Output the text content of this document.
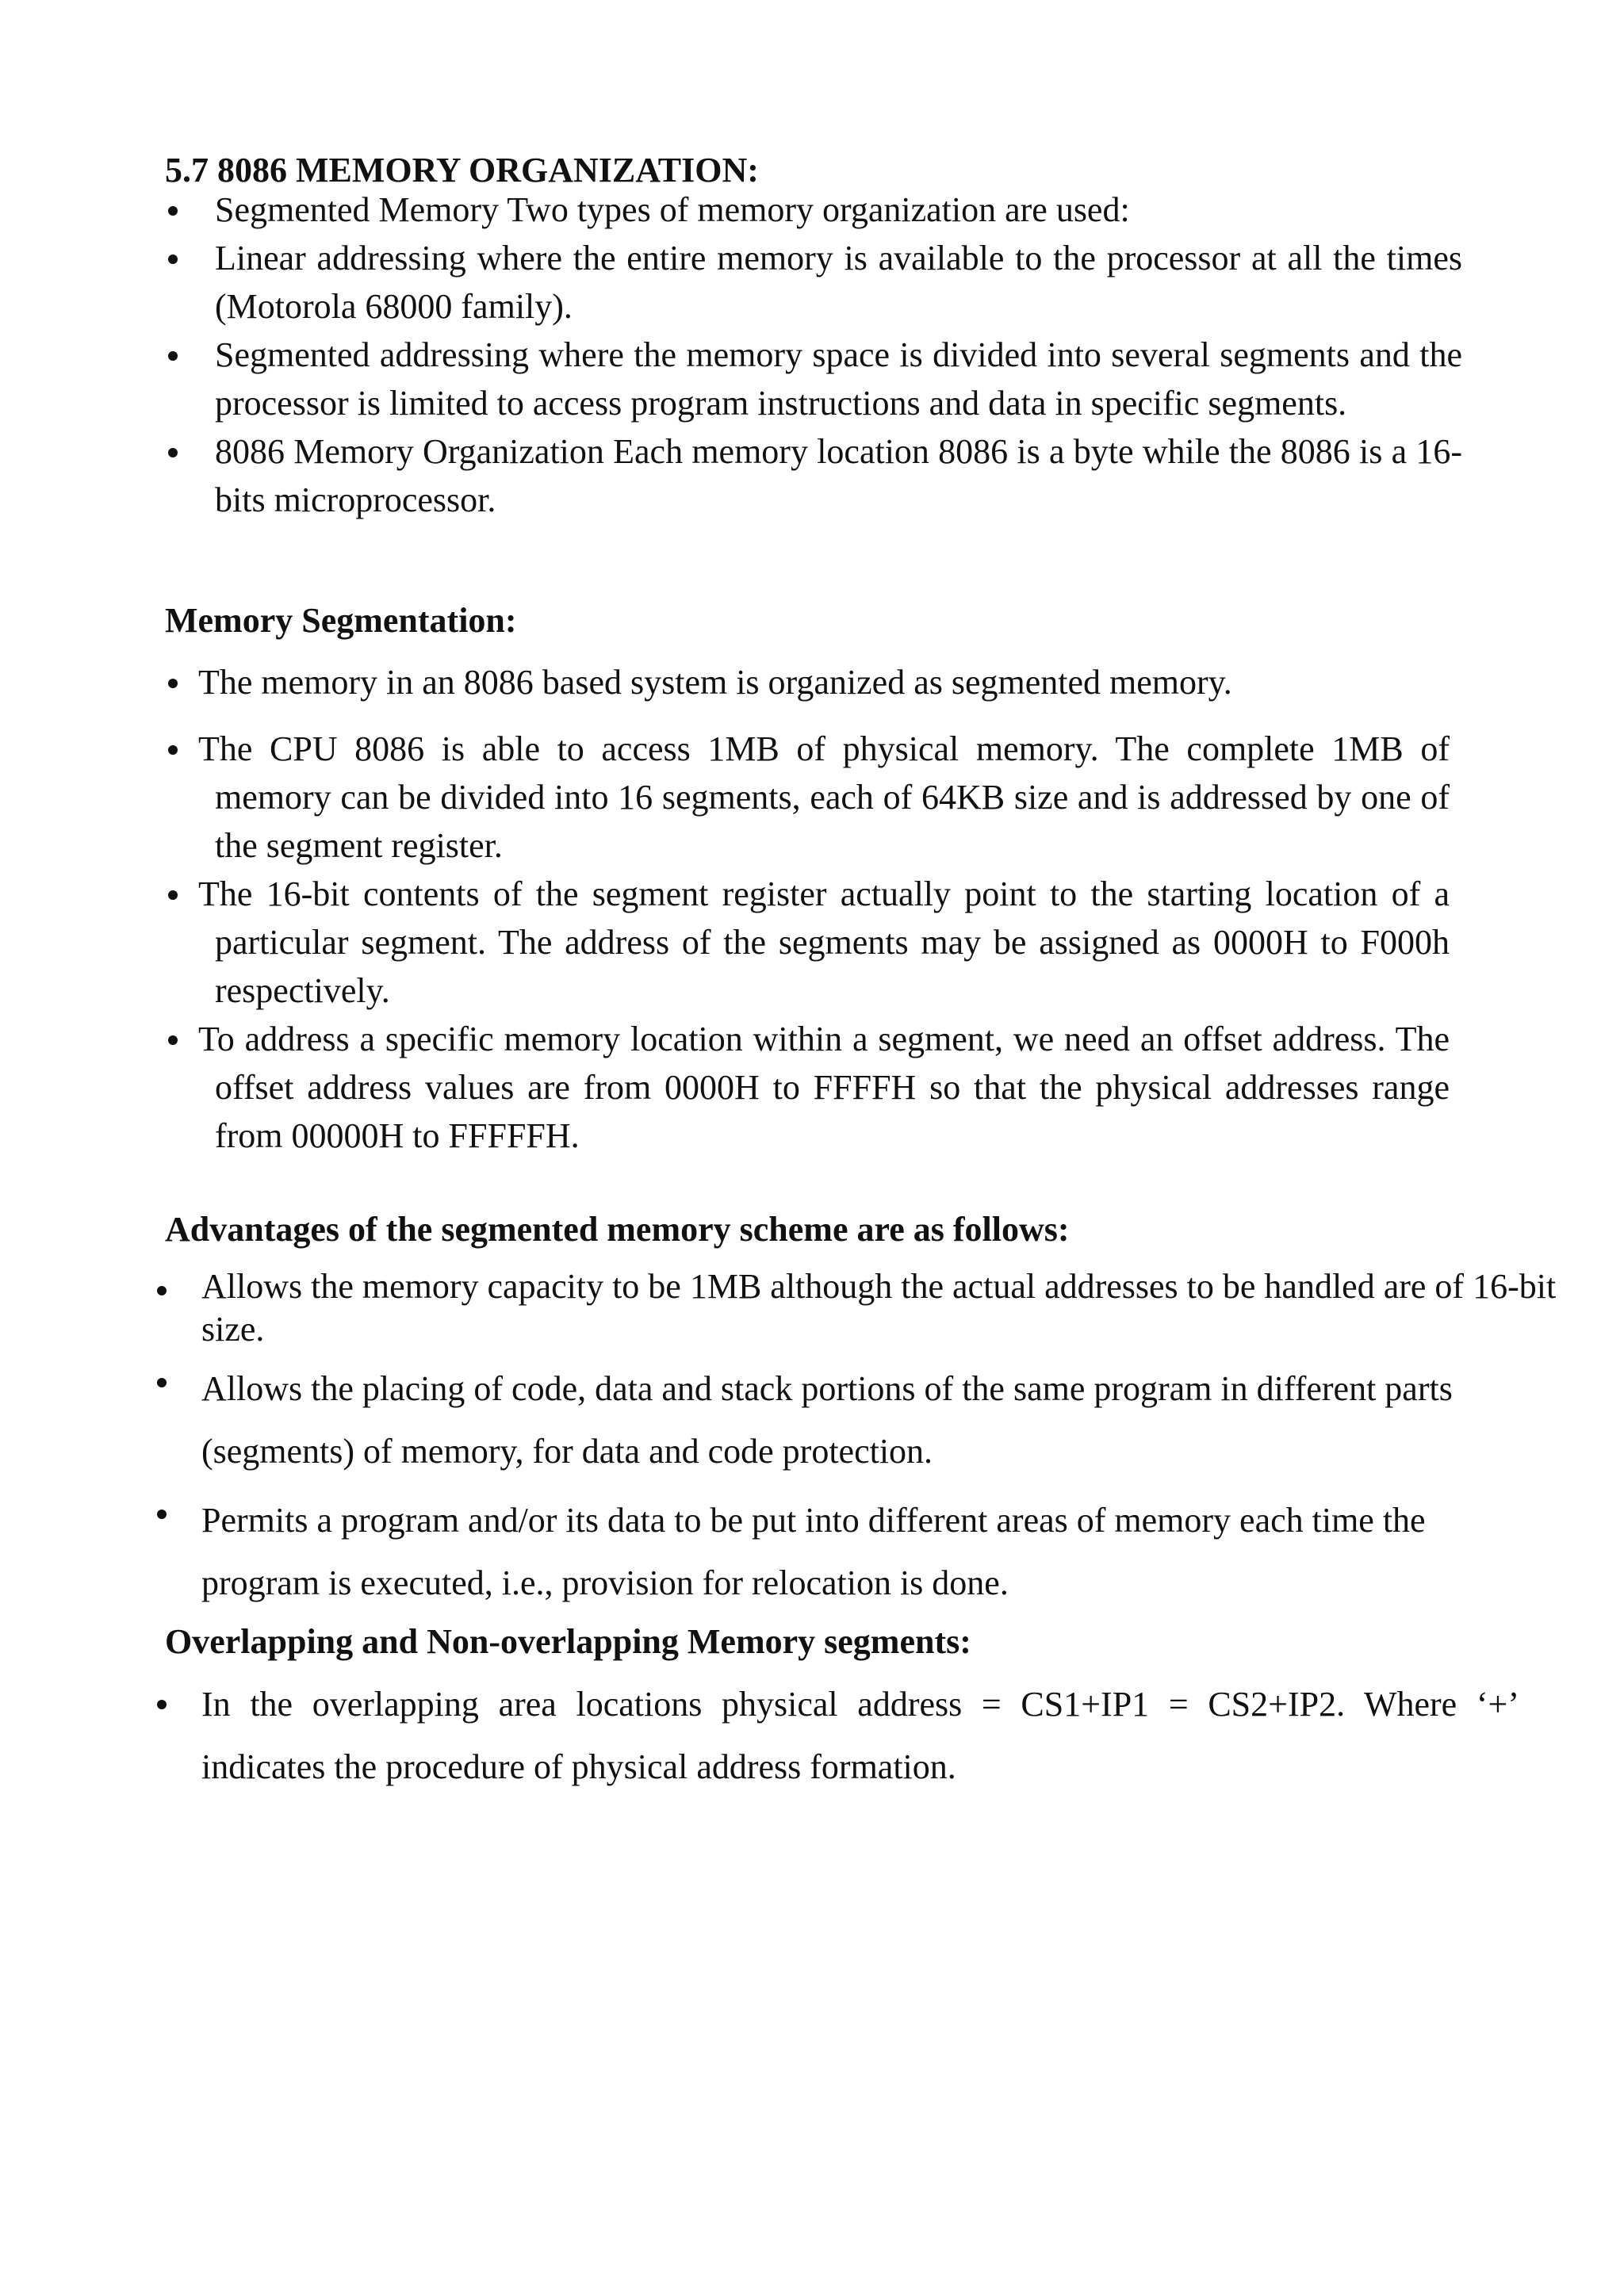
5.7 8086 MEMORY ORGANIZATION:
Segmented Memory Two types of memory organization are used:
Linear addressing where the entire memory is available to the processor at all the times (Motorola 68000 family).
Segmented addressing where the memory space is divided into several segments and the processor is limited to access program instructions and data in specific segments.
8086 Memory Organization Each memory location 8086 is a byte while the 8086 is a 16-bits microprocessor.
Memory Segmentation:
The memory in an 8086 based system is organized as segmented memory.
The CPU 8086 is able to access 1MB of physical memory. The complete 1MB of memory can be divided into 16 segments, each of 64KB size and is addressed by one of the segment register.
The 16-bit contents of the segment register actually point to the starting location of a particular segment. The address of the segments may be assigned as 0000H to F000h respectively.
To address a specific memory location within a segment, we need an offset address. The offset address values are from 0000H to FFFFH so that the physical addresses range from 00000H to FFFFFH.
Advantages of the segmented memory scheme are as follows:
Allows the memory capacity to be 1MB although the actual addresses to be handled are of 16-bit size.
Allows the placing of code, data and stack portions of the same program in different parts (segments) of memory, for data and code protection.
Permits a program and/or its data to be put into different areas of memory each time the program is executed, i.e., provision for relocation is done.
Overlapping and Non-overlapping Memory segments:
In the overlapping area locations physical address = CS1+IP1 = CS2+IP2. Where ‘+’ indicates the procedure of physical address formation.
